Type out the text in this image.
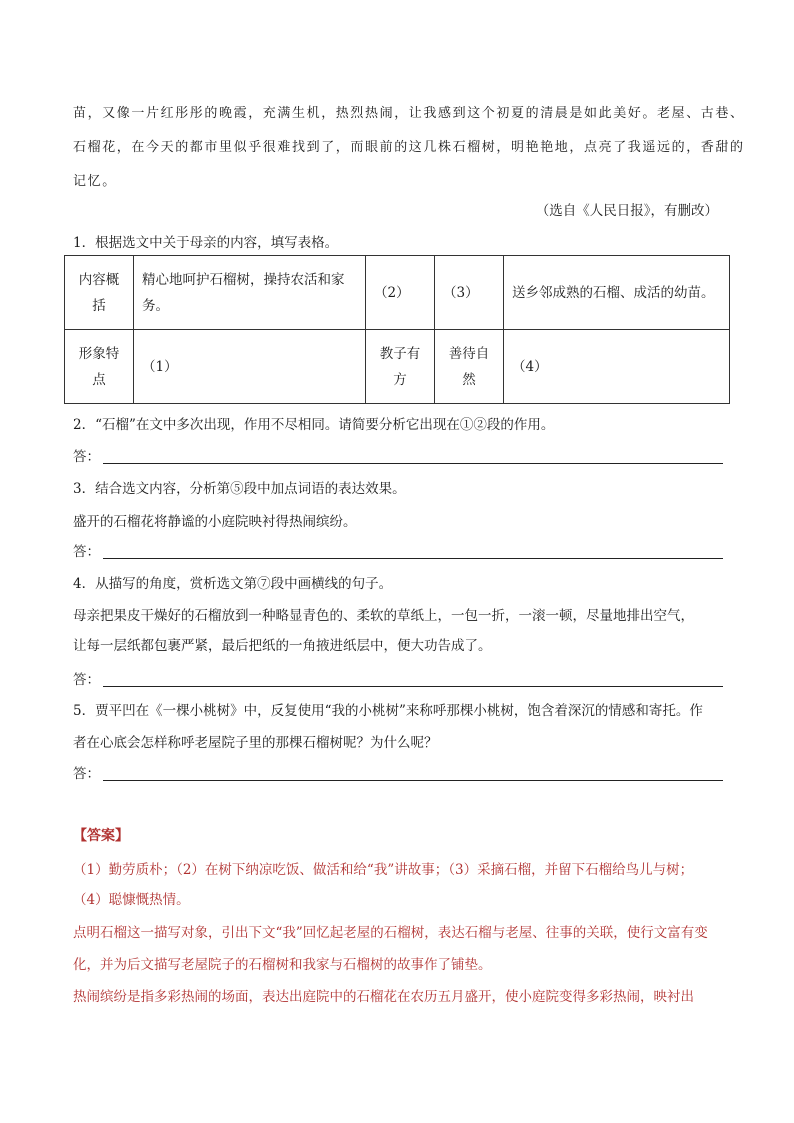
苗，又像一片红彤彤的晚霞，充满生机，热烈热闹，让我感到这个初夏的清晨是如此美好。老屋、古巷、
石榴花，在今天的都市里似乎很难找到了，而眼前的这几株石榴树，明艳艳地，点亮了我遥远的，香甜的
记忆。
（选自《人民日报》，有删改）
1．根据选文中关于母亲的内容，填写表格。
内容概括	精心地呵护石榴树，操持农活和家务。	（2）	（3）	送乡邻成熟的石榴、成活的幼苗。
形象特点	（1）	教子有方	善待自然	（4）
2．“石榴”在文中多次出现，作用不尽相同。请简要分析它出现在①②段的作用。
答：
3．结合选文内容，分析第⑤段中加点词语的表达效果。
盛开的石榴花将静谧的小庭院映衬得热闹缤纷。
答：
4．从描写的角度，赏析选文第⑦段中画横线的句子。
母亲把果皮干燥好的石榴放到一种略显青色的、柔软的草纸上，一包一折，一滚一顿，尽量地排出空气，
让每一层纸都包裹严紧，最后把纸的一角掖进纸层中，便大功告成了。
答：
5．贾平凹在《一棵小桃树》中，反复使用“我的小桃树”来称呼那棵小桃树，饱含着深沉的情感和寄托。作
者在心底会怎样称呼老屋院子里的那棵石榴树呢？为什么呢？
答：
【答案】
（1）勤劳质朴；（2）在树下纳凉吃饭、做活和给“我”讲故事；（3）采摘石榴，并留下石榴给鸟儿与树；
（4）聪慷慨热情。
点明石榴这一描写对象，引出下文“我”回忆起老屋的石榴树，表达石榴与老屋、往事的关联，使行文富有变
化，并为后文描写老屋院子的石榴树和我家与石榴树的故事作了铺垫。
热闹缤纷是指多彩热闹的场面，表达出庭院中的石榴花在农历五月盛开，使小庭院变得多彩热闹，映衬出
